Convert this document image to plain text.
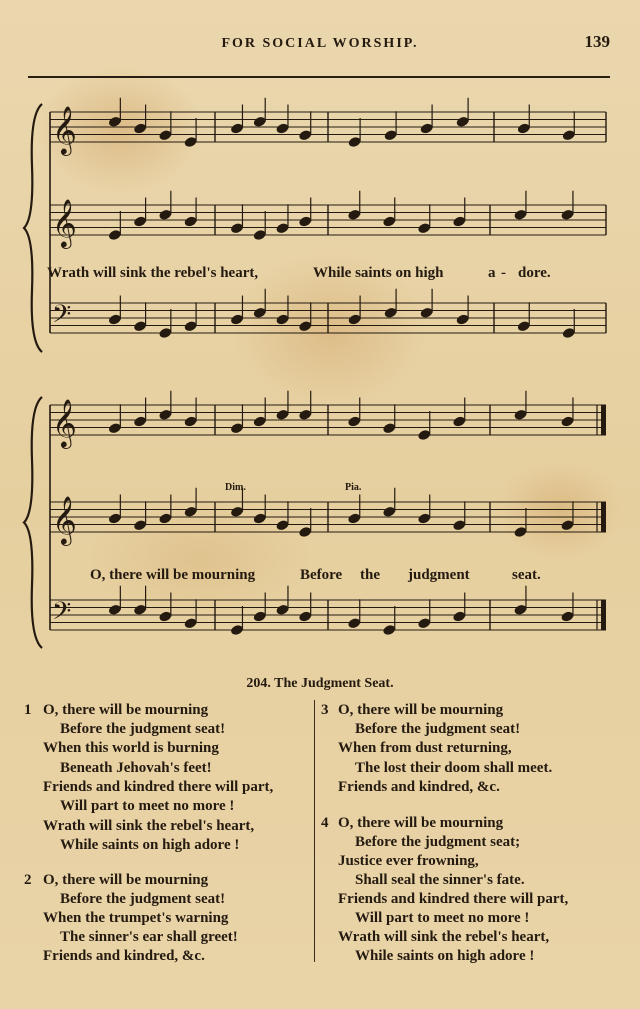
FOR SOCIAL WORSHIP.	139
𝄞
𝄞
𝄢
𝄞
𝄞
𝄢
Wrath will sink the rebel's heart,	While saints on high	a - dore.
Dim.	Pia.
O, there will be mourning	Before the judgment	seat.
204. The Judgment Seat.
1 O, there will be mourning
Before the judgment seat!
When this world is burning
Beneath Jehovah's feet!
Friends and kindred there will part,
Will part to meet no more !
Wrath will sink the rebel's heart,
While saints on high adore !
2 O, there will be mourning
Before the judgment seat!
When the trumpet's warning
The sinner's ear shall greet!
Friends and kindred, &c.
3 O, there will be mourning
Before the judgment seat!
When from dust returning,
The lost their doom shall meet.
Friends and kindred, &c.
4 O, there will be mourning
Before the judgment seat;
Justice ever frowning,
Shall seal the sinner's fate.
Friends and kindred there will part,
Will part to meet no more !
Wrath will sink the rebel's heart,
While saints on high adore !
